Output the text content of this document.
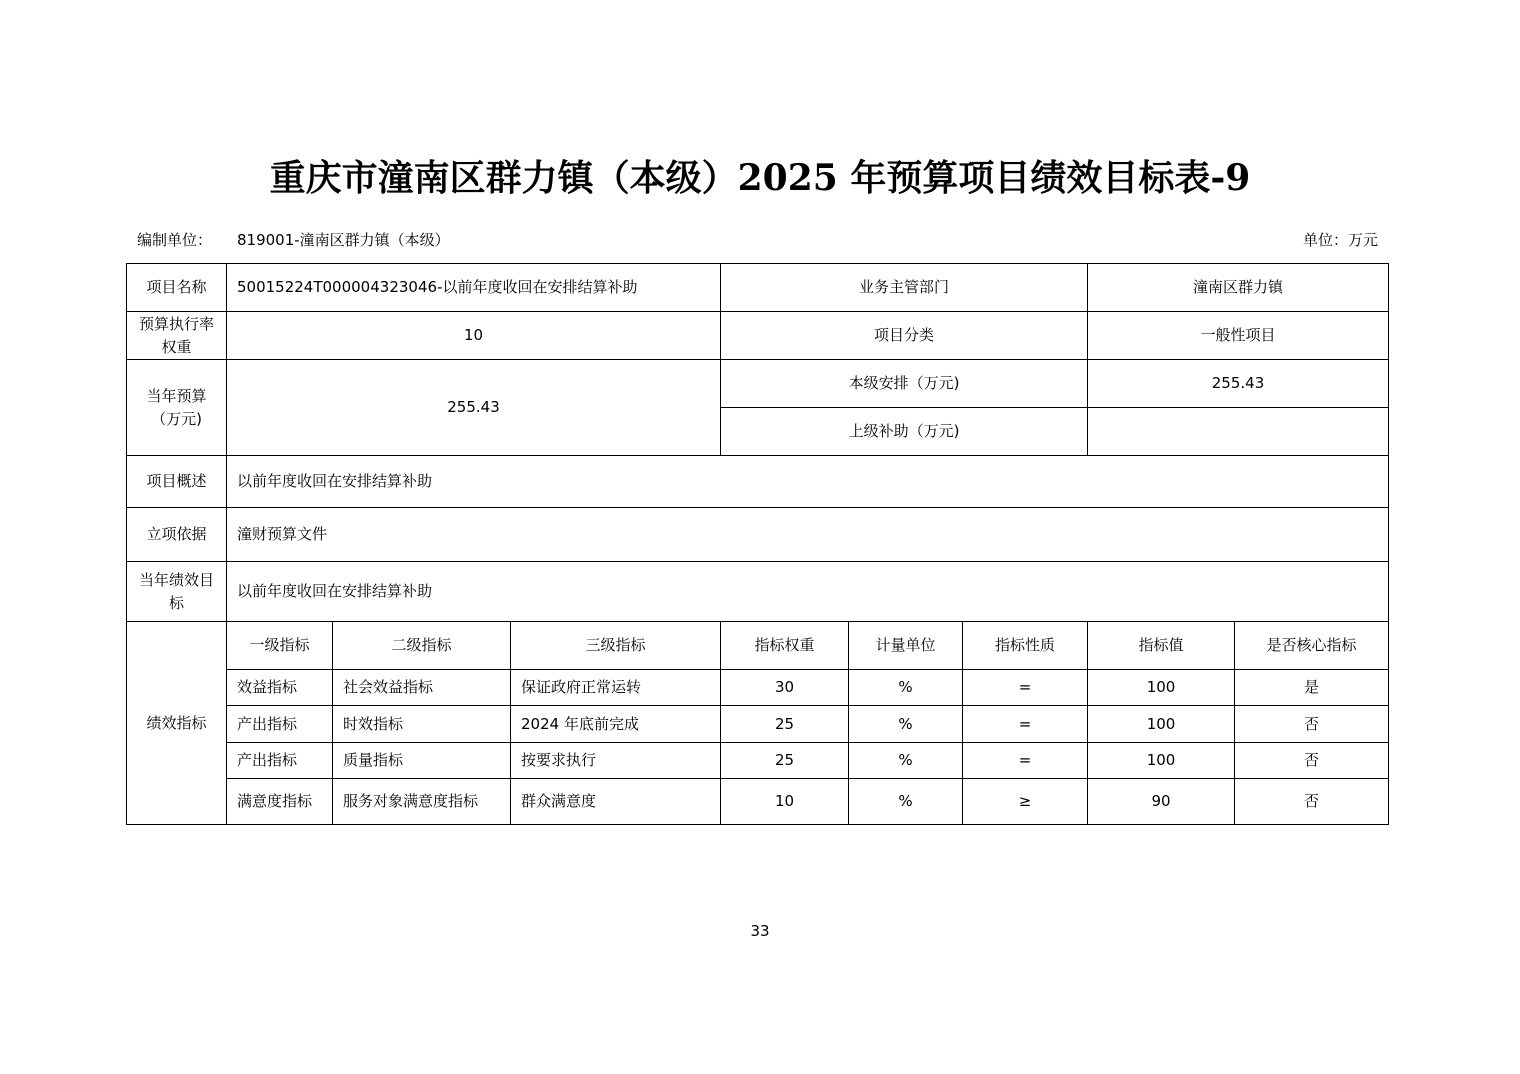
重庆市潼南区群力镇（本级）2025 年预算项目绩效目标表-9
编制单位： 819001-潼南区群力镇（本级）	单位：万元
项目名称	50015224T000004323046-以前年度收回在安排结算补助			业务主管部门			潼南区群力镇	
预算执行率权重	10			项目分类			一般性项目	
当年预算（万元)	255.43			本级安排（万元)			255.43	
				上级补助（万元)				
项目概述	以前年度收回在安排结算补助							
立项依据	潼财预算文件							
当年绩效目标	以前年度收回在安排结算补助							
绩效指标	一级指标	二级指标	三级指标	指标权重	计量单位	指标性质	指标值	是否核心指标
	效益指标	社会效益指标	保证政府正常运转	30	%	=	100	是
	产出指标	时效指标	2024 年底前完成	25	%	=	100	否
	产出指标	质量指标	按要求执行	25	%	=	100	否
	满意度指标	服务对象满意度指标	群众满意度	10	%	≥	90	否
33
